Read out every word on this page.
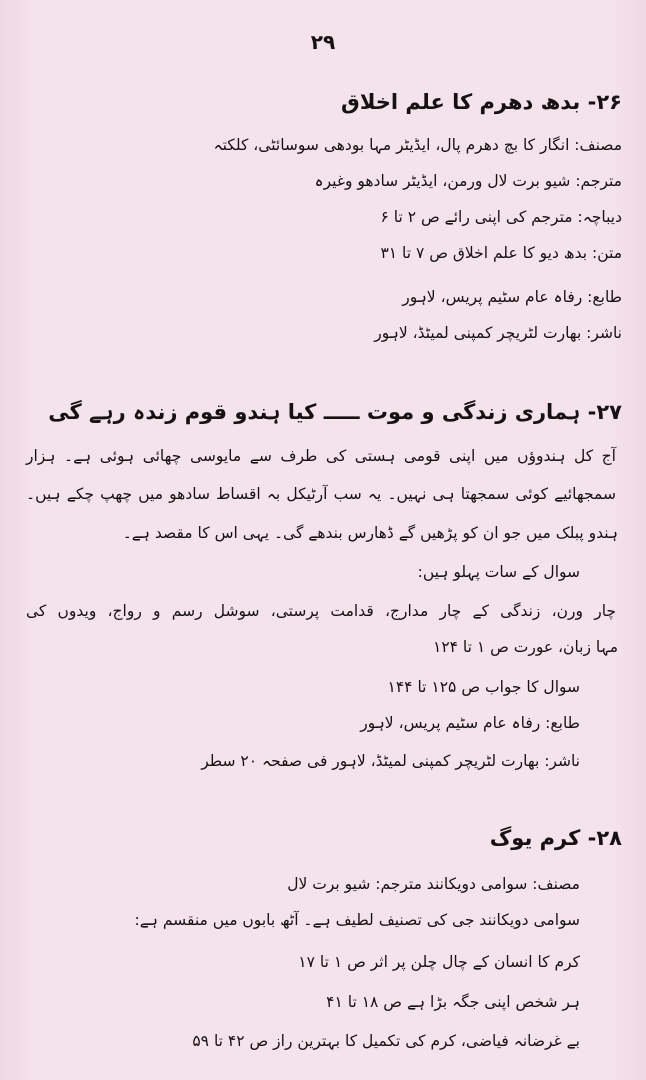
۲۹
۲۶- بدھ دھرم کا علم اخلاق
مصنف: انگار کا بچ دھرم پال، ایڈیٹر مہا بودھی سوسائٹی، کلکتہ
مترجم: شیو برت لال ورمن، ایڈیٹر سادھو وغیرہ
دیباچہ: مترجم کی اپنی رائے ص ۲ تا ۶
متن: بدھ دیو کا علم اخلاق ص ۷ تا ۳۱
طابع: رفاہ عام سٹیم پریس، لاہور
ناشر: بھارت لٹریچر کمپنی لمیٹڈ، لاہور
۲۷- ہماری زندگی و موت ـــــ کیا ہندو قوم زندہ رہے گی
آج کل ہندوؤں میں اپنی قومی ہستی کی طرف سے مایوسی چھائی ہوئی ہے۔ ہزار
سمجھائیے کوئی سمجھتا ہی نہیں۔ یہ سب آرٹیکل بہ اقساط سادھو میں چھپ چکے ہیں۔
ہندو پبلک میں جو ان کو پڑھیں گے ڈھارس بندھے گی۔ یہی اس کا مقصد ہے۔
سوال کے سات پہلو ہیں:
چار ورن، زندگی کے چار مدارج، قدامت پرستی، سوشل رسم و رواج، ویدوں کی
مہا زبان، عورت ص ۱ تا ۱۲۴
سوال کا جواب ص ۱۲۵ تا ۱۴۴
طابع: رفاہ عام سٹیم پریس، لاہور
ناشر: بھارت لٹریچر کمپنی لمیٹڈ، لاہور فی صفحہ ۲۰ سطر
۲۸- کرم یوگ
مصنف: سوامی دویکانند مترجم: شیو برت لال
سوامی دویکانند جی کی تصنیف لطیف ہے۔ آٹھ بابوں میں منقسم ہے:
کرم کا انسان کے چال چلن پر اثر ص ۱ تا ۱۷
ہر شخص اپنی جگہ بڑا ہے ص ۱۸ تا ۴۱
بے غرضانہ فیاضی، کرم کی تکمیل کا بہترین راز ص ۴۲ تا ۵۹
